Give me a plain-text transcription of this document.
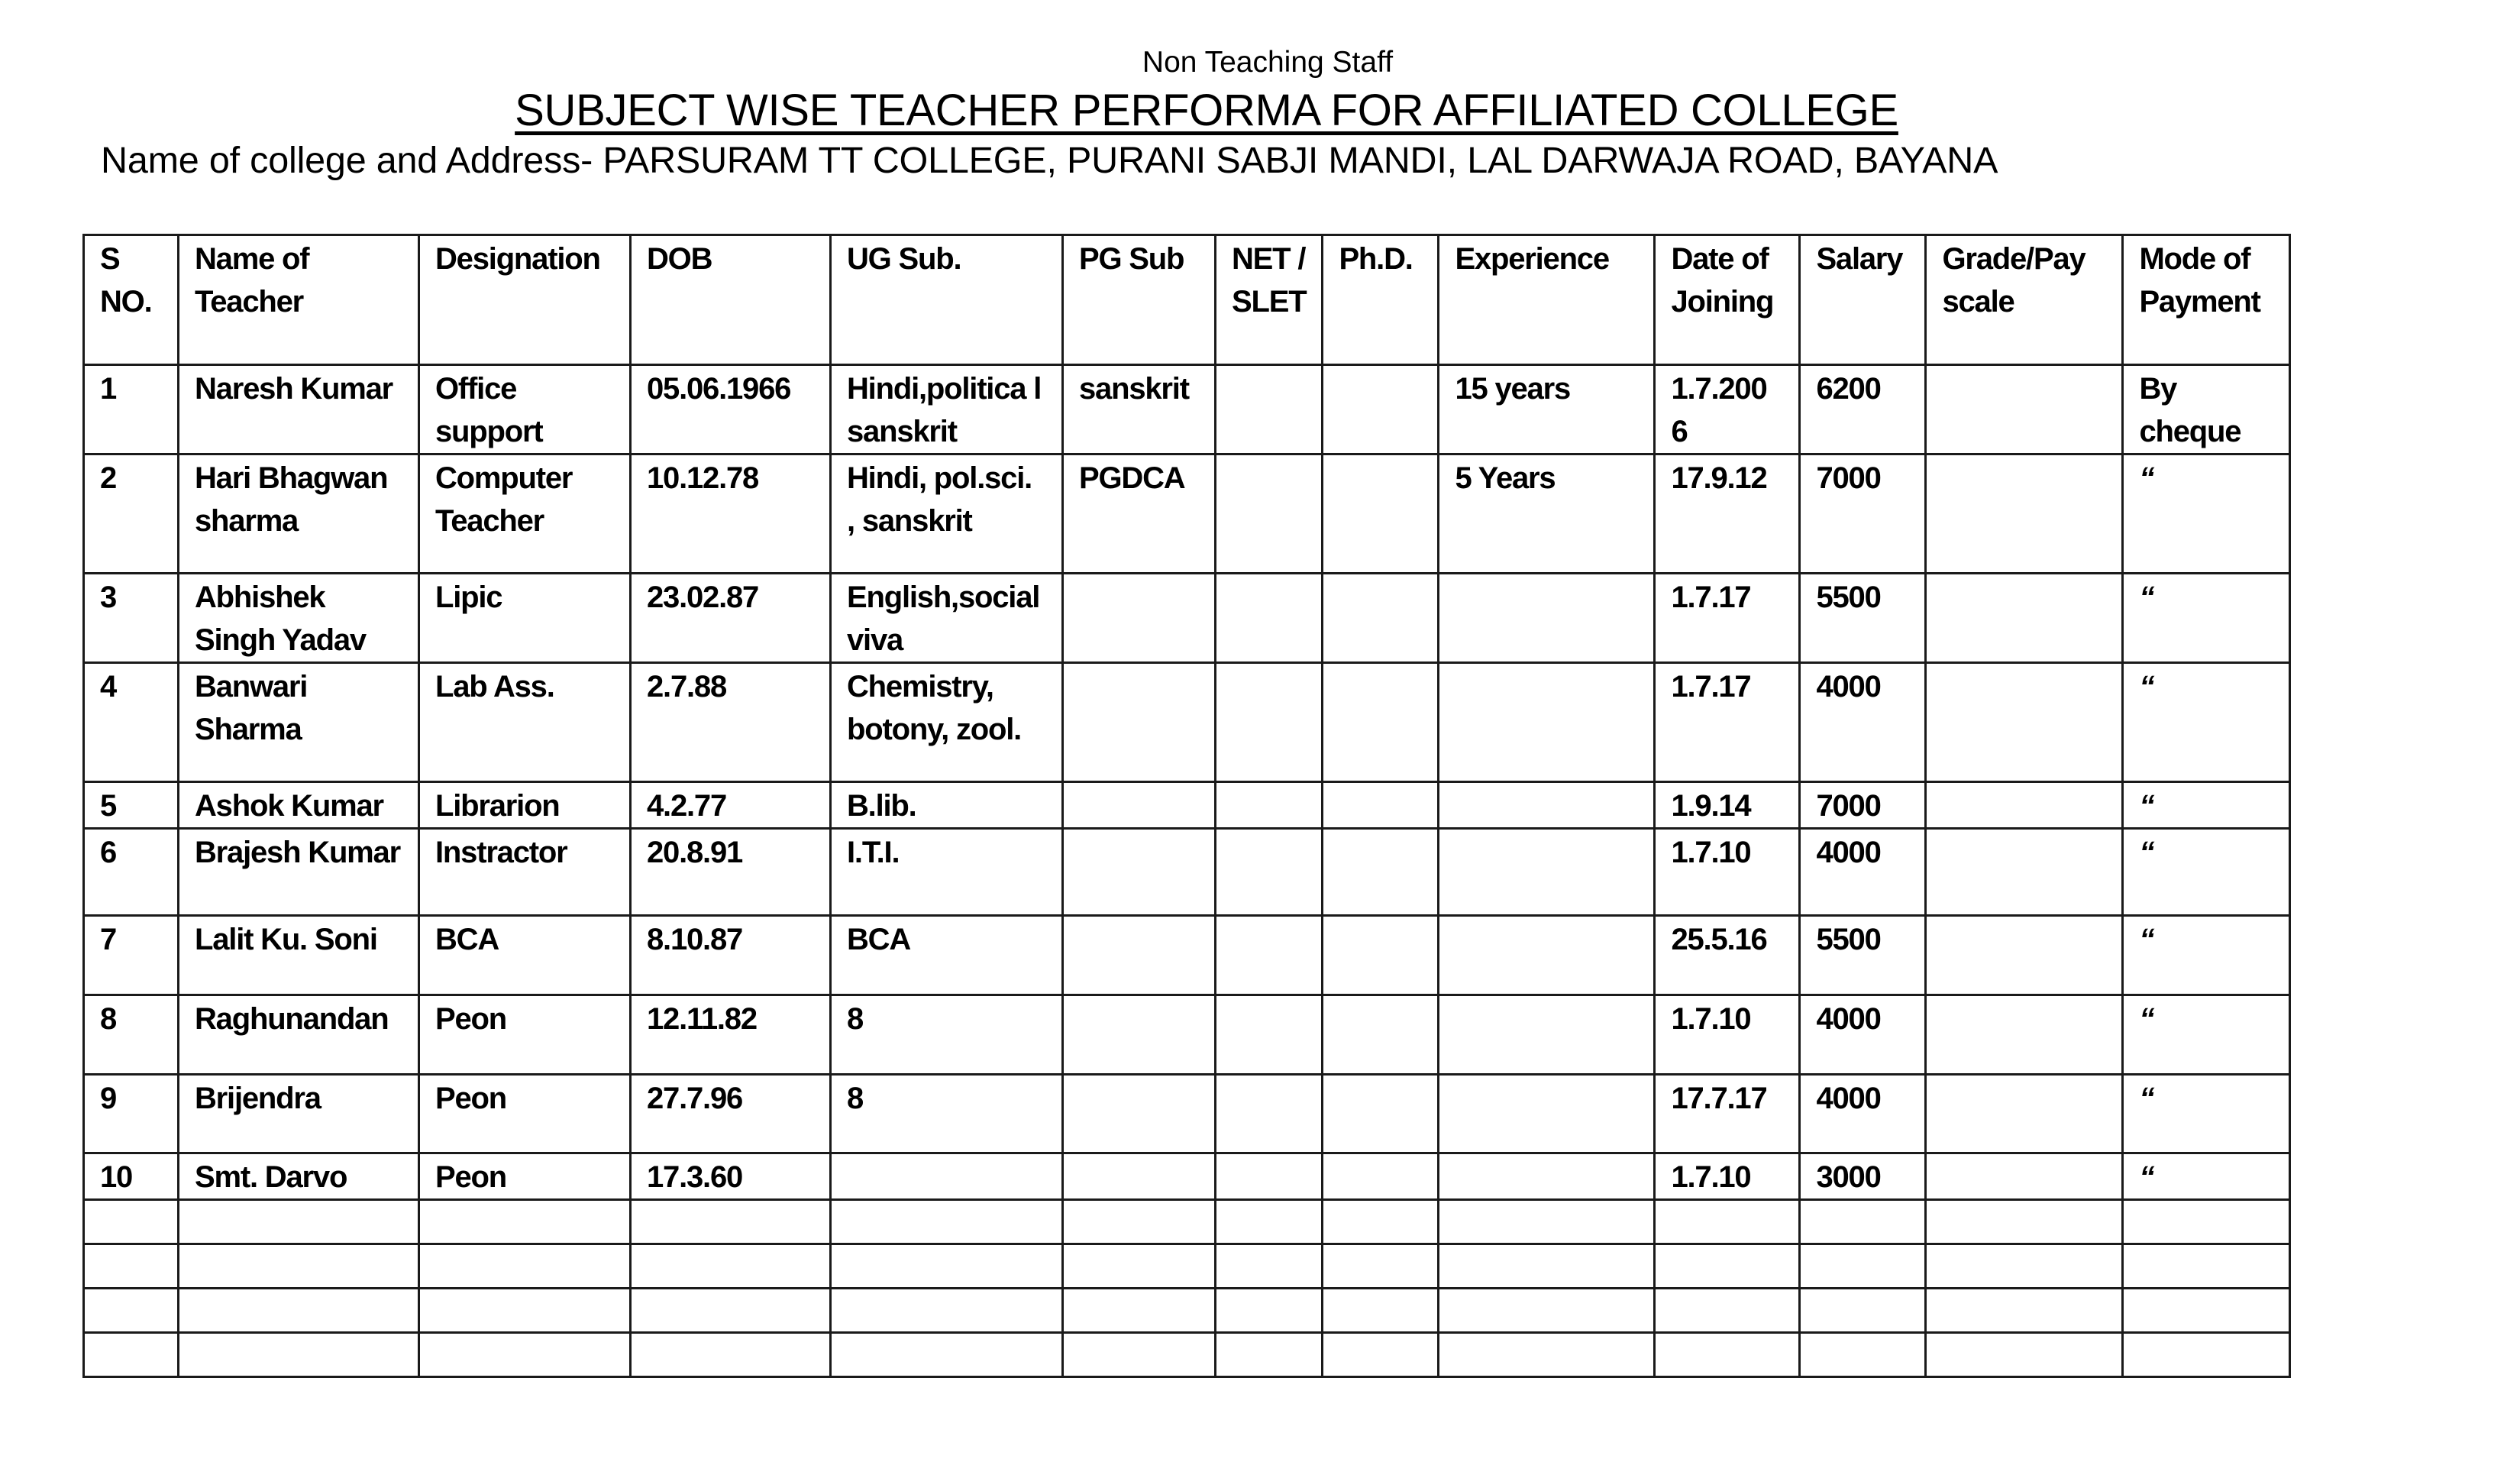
Non Teaching Staff
SUBJECT WISE TEACHER PERFORMA FOR AFFILIATED COLLEGE
Name of college and Address- PARSURAM TT COLLEGE, PURANI SABJI MANDI, LAL DARWAJA ROAD, BAYANA
S NO.	Name of Teacher	Designation	DOB	UG Sub.	PG Sub	NET / SLET	Ph.D.	Experience	Date of Joining	Salary	Grade/Pay scale	Mode of Payment
1	Naresh Kumar	Office support	05.06.1966	Hindi,politica l sanskrit	sanskrit			15 years	1.7.200 6	6200		By cheque
2	Hari Bhagwan sharma	Computer Teacher	10.12.78	Hindi, pol.sci. , sanskrit	PGDCA			5 Years	17.9.12	7000		“
3	Abhishek Singh Yadav	Lipic	23.02.87	English,social viva					1.7.17	5500		“
4	Banwari Sharma	Lab Ass.	2.7.88	Chemistry, botony, zool.					1.7.17	4000		“
5	Ashok Kumar	Librarion	4.2.77	B.lib.					1.9.14	7000		“
6	Brajesh Kumar	Instractor	20.8.91	I.T.I.					1.7.10	4000		“
7	Lalit Ku. Soni	BCA	8.10.87	BCA					25.5.16	5500		“
8	Raghunandan	Peon	12.11.82	8					1.7.10	4000		“
9	Brijendra	Peon	27.7.96	8					17.7.17	4000		“
10	Smt. Darvo	Peon	17.3.60						1.7.10	3000		“
